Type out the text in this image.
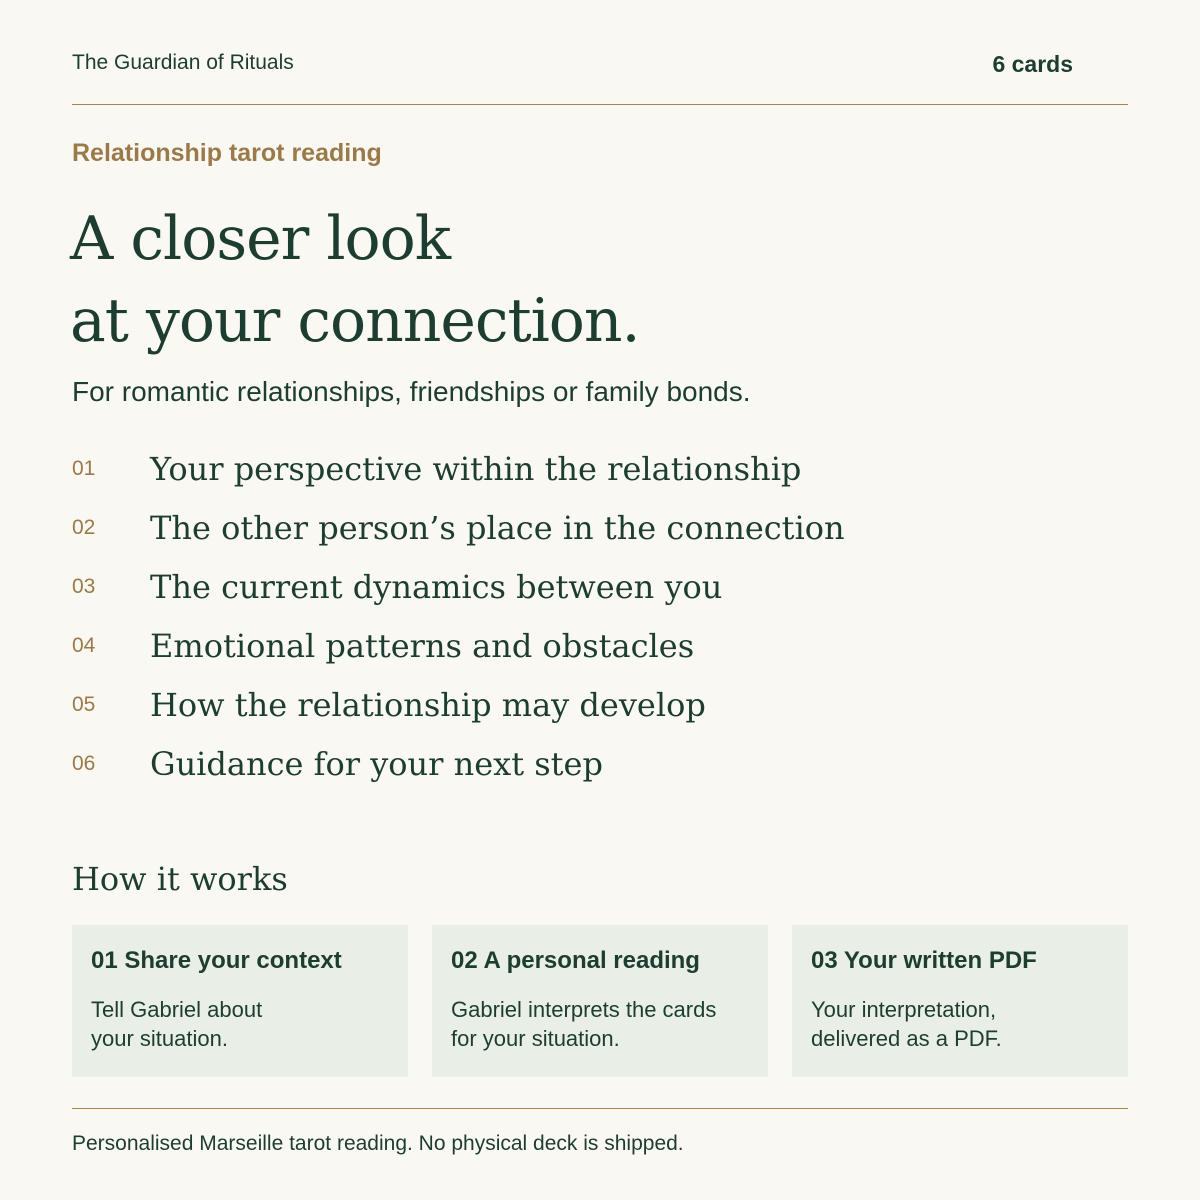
The Guardian of Rituals	6 cards
Relationship tarot reading
A closer look
at your connection.
For romantic relationships, friendships or family bonds.
01 Your perspective within the relationship
02 The other person’s place in the connection
03 The current dynamics between you
04 Emotional patterns and obstacles
05 How the relationship may develop
06 Guidance for your next step
How it works
01 Share your context
Tell Gabriel about
your situation.
02 A personal reading
Gabriel interprets the cards
for your situation.
03 Your written PDF
Your interpretation,
delivered as a PDF.
Personalised Marseille tarot reading. No physical deck is shipped.
